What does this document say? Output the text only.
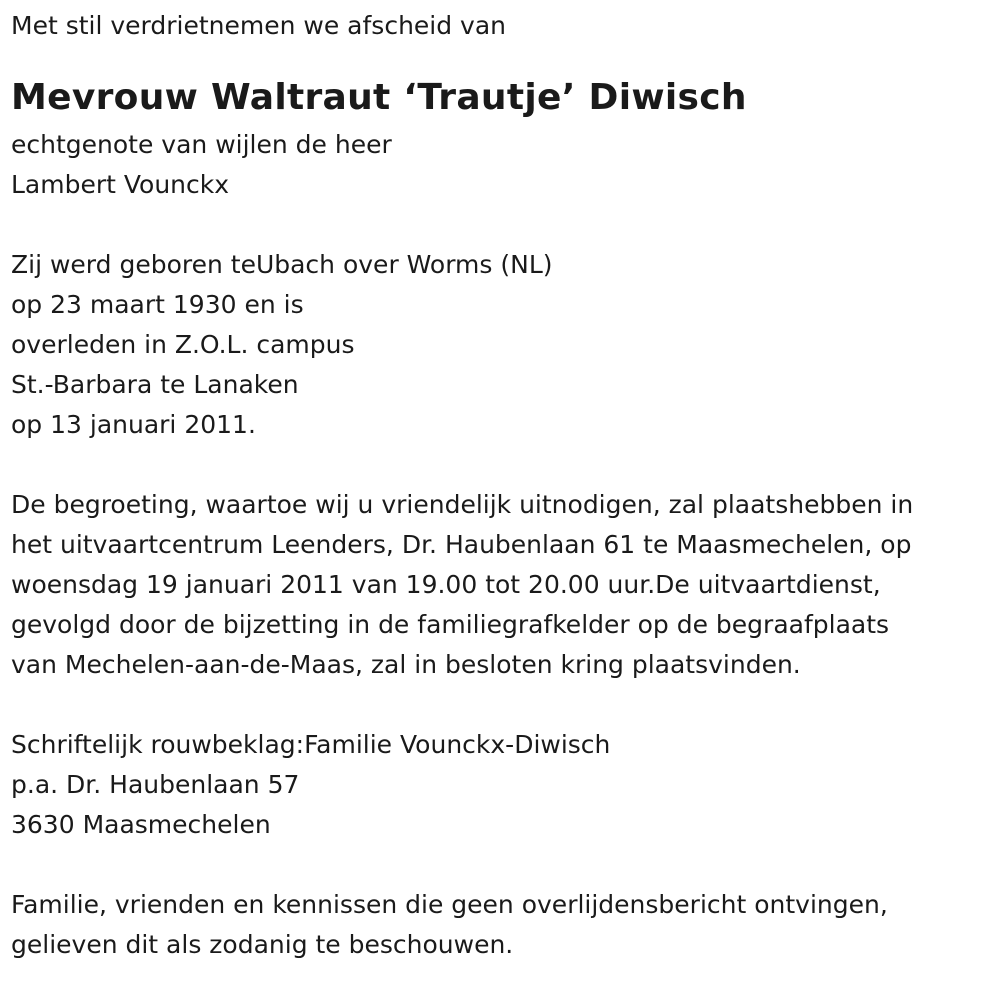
Met stil verdrietnemen we afscheid van
Mevrouw Waltraut ‘Trautje’ Diwisch
echtgenote van wijlen de heer
Lambert Vounckx
Zij werd geboren teUbach over Worms (NL)
op 23 maart 1930 en is
overleden in Z.O.L. campus
St.-Barbara te Lanaken
op 13 januari 2011.
De begroeting, waartoe wij u vriendelijk uitnodigen, zal plaatshebben in
het uitvaartcentrum Leenders, Dr. Haubenlaan 61 te Maasmechelen, op
woensdag 19 januari 2011 van 19.00 tot 20.00 uur.De uitvaartdienst,
gevolgd door de bijzetting in de familiegrafkelder op de begraafplaats
van Mechelen-aan-de-Maas, zal in besloten kring plaatsvinden.
Schriftelijk rouwbeklag:Familie Vounckx-Diwisch
p.a. Dr. Haubenlaan 57
3630 Maasmechelen
Familie, vrienden en kennissen die geen overlijdensbericht ontvingen,
gelieven dit als zodanig te beschouwen.
